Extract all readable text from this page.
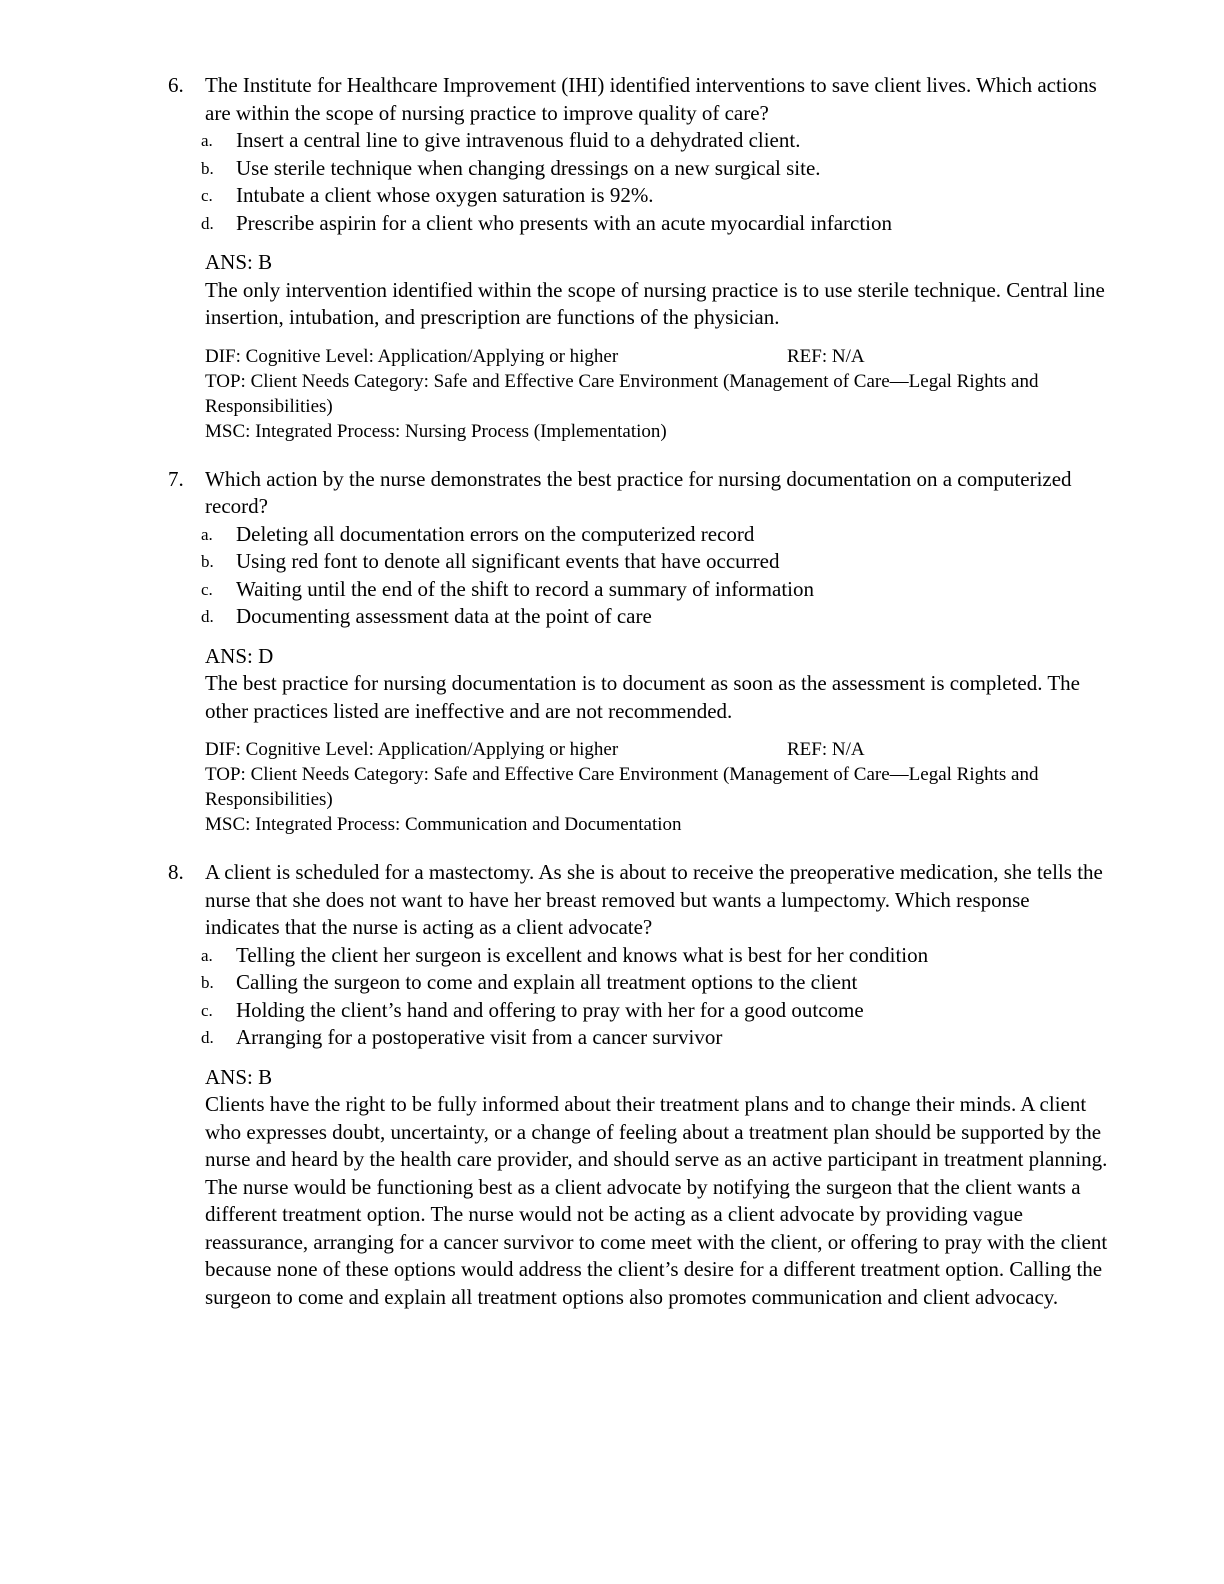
6. The Institute for Healthcare Improvement (IHI) identified interventions to save client lives. Which actions are within the scope of nursing practice to improve quality of care?
a. Insert a central line to give intravenous fluid to a dehydrated client.
b. Use sterile technique when changing dressings on a new surgical site.
c. Intubate a client whose oxygen saturation is 92%.
d. Prescribe aspirin for a client who presents with an acute myocardial infarction
ANS: B
The only intervention identified within the scope of nursing practice is to use sterile technique. Central line insertion, intubation, and prescription are functions of the physician.
DIF: Cognitive Level: Application/Applying or higher	REF: N/A
TOP: Client Needs Category: Safe and Effective Care Environment (Management of Care—Legal Rights and Responsibilities)
MSC: Integrated Process: Nursing Process (Implementation)
7. Which action by the nurse demonstrates the best practice for nursing documentation on a computerized record?
a. Deleting all documentation errors on the computerized record
b. Using red font to denote all significant events that have occurred
c. Waiting until the end of the shift to record a summary of information
d. Documenting assessment data at the point of care
ANS: D
The best practice for nursing documentation is to document as soon as the assessment is completed. The other practices listed are ineffective and are not recommended.
DIF: Cognitive Level: Application/Applying or higher	REF: N/A
TOP: Client Needs Category: Safe and Effective Care Environment (Management of Care—Legal Rights and Responsibilities)
MSC: Integrated Process: Communication and Documentation
8. A client is scheduled for a mastectomy. As she is about to receive the preoperative medication, she tells the nurse that she does not want to have her breast removed but wants a lumpectomy. Which response indicates that the nurse is acting as a client advocate?
a. Telling the client her surgeon is excellent and knows what is best for her condition
b. Calling the surgeon to come and explain all treatment options to the client
c. Holding the client’s hand and offering to pray with her for a good outcome
d. Arranging for a postoperative visit from a cancer survivor
ANS: B
Clients have the right to be fully informed about their treatment plans and to change their minds. A client who expresses doubt, uncertainty, or a change of feeling about a treatment plan should be supported by the nurse and heard by the health care provider, and should serve as an active participant in treatment planning. The nurse would be functioning best as a client advocate by notifying the surgeon that the client wants a different treatment option. The nurse would not be acting as a client advocate by providing vague reassurance, arranging for a cancer survivor to come meet with the client, or offering to pray with the client because none of these options would address the client’s desire for a different treatment option. Calling the surgeon to come and explain all treatment options also promotes communication and client advocacy.
